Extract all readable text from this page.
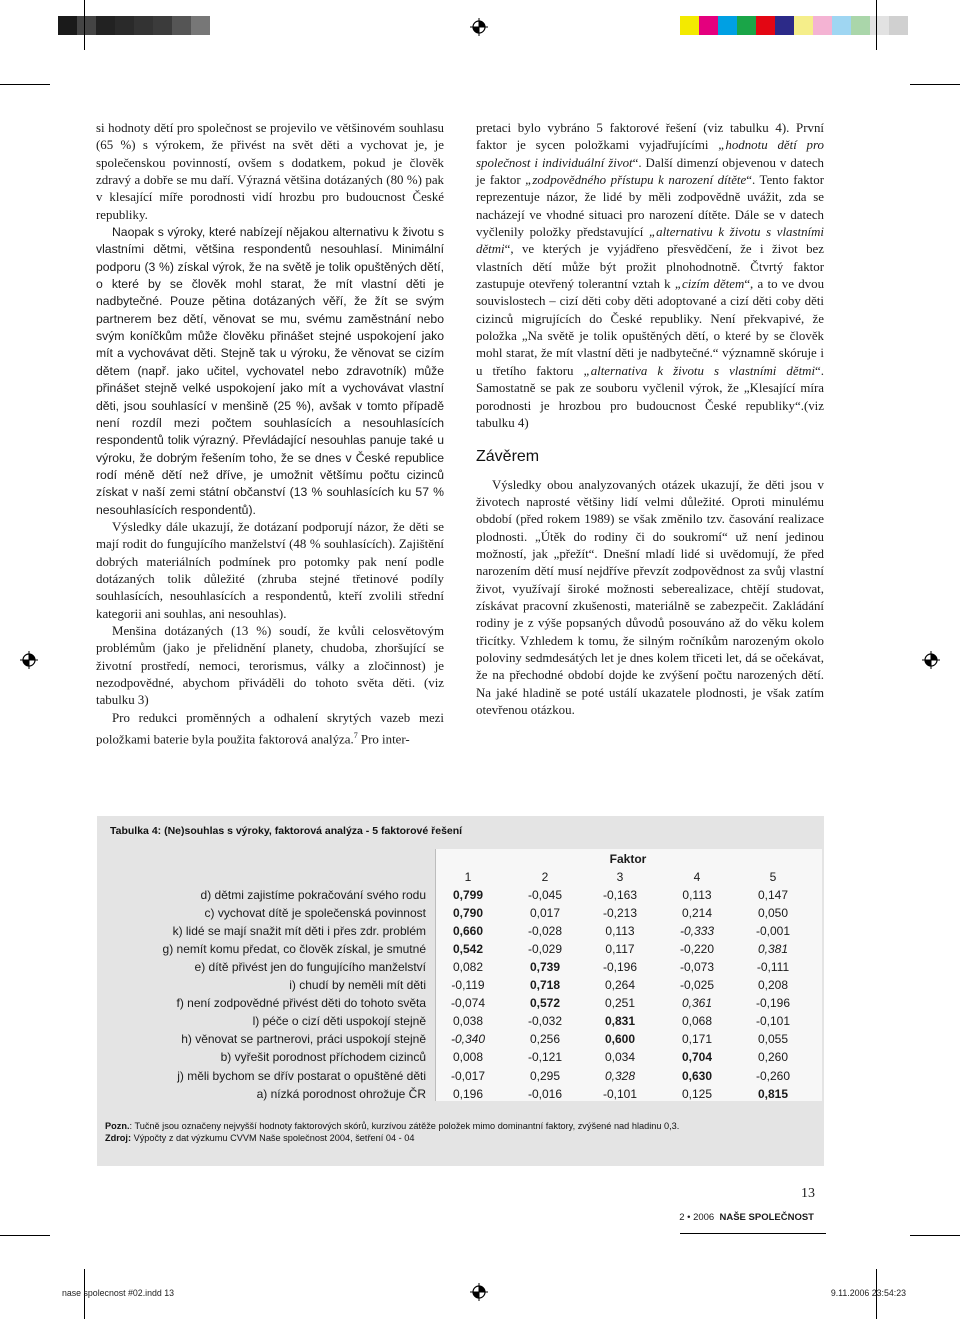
si hodnoty dětí pro společnost se projevilo ve většinovém souhlasu (65 %) s výrokem, že přivést na svět děti a vychovat je, je společenskou povinností, ovšem s dodatkem, pokud je člověk zdravý a dobře se mu daří. Výrazná většina dotázaných (80 %) pak v klesající míře porodnosti vidí hrozbu pro budoucnost České republiky.

Naopak s výroky, které nabízejí nějakou alternativu k životu s vlastními dětmi, většina respondentů nesouhlasí. Minimální podporu (3 %) získal výrok, že na světě je tolik opuštěných dětí, o které by se člověk mohl starat, že mít vlastní děti je nadbytečné. Pouze pětina dotázaných věří, že žít se svým partnerem bez dětí, věnovat se mu, svému zaměstnání nebo svým koníčkům může člověku přinášet stejné uspokojení jako mít a vychovávat děti. Stejně tak u výroku, že věnovat se cizím dětem (např. jako učitel, vychovatel nebo zdravotník) může přinášet stejně velké uspokojení jako mít a vychovávat vlastní děti, jsou souhlasící v menšině (25 %), avšak v tomto případě není rozdíl mezi počtem souhlasících a nesouhlasících respondentů tolik výrazný. Převládající nesouhlas panuje také u výroku, že dobrým řešením toho, že se dnes v České republice rodí méně dětí než dříve, je umožnit většímu počtu cizinců získat v naší zemi státní občanství (13 % souhlasících ku 57 % nesouhlasících respondentů).

Výsledky dále ukazují, že dotázaní podporují názor, že děti se mají rodit do fungujícího manželství (48 % souhlasících). Zajištění dobrých materiálních podmínek pro potomky pak není podle dotázaných tolik důležité (zhruba stejné třetinové podíly souhlasících, nesouhlasících a respondentů, kteří zvolili střední kategorii ani souhlas, ani nesouhlas).

Menšina dotázaných (13 %) soudí, že kvůli celosvětovým problémům (jako je přelidnění planety, chudoba, zhoršující se životní prostředí, nemoci, terorismus, války a zločinnost) je nezodpovědné, abychom přiváděli do tohoto světa děti. (viz tabulku 3)

Pro redukci proměnných a odhalení skrytých vazeb mezi položkami baterie byla použita faktorová analýza.$^7$ Pro inter-

pretaci bylo vybráno 5 faktorové řešení (viz tabulku 4). První faktor je sycen položkami vyjadřujícími „hodnotu dětí pro společnost i individuální život“. Další dimenzí objevenou v datech je faktor „zodpovědného přístupu k narození dítěte“. Tento faktor reprezentuje názor, že lidé by měli zodpovědně uvážit, zda se nacházejí ve vhodné situaci pro narození dítěte. Dále se v datech vyčlenily položky představující „alternativu k životu s vlastními dětmi“, ve kterých je vyjádřeno přesvědčení, že i život bez vlastních dětí může být prožit plnohodnotně. Čtvrtý faktor zastupuje otevřený tolerantní vztah k „cizím dětem“, a to ve dvou souvislostech – cizí děti coby děti adoptované a cizí děti coby děti cizinců migrujících do České republiky. Není překvapivé, že položka „Na světě je tolik opuštěných dětí, o které by se člověk mohl starat, že mít vlastní děti je nadbytečné.“ významně skóruje i u třetího faktoru „alternativa k životu s vlastními dětmi“. Samostatně se pak ze souboru vyčlenil výrok, že „Klesající míra porodnosti je hrozbou pro budoucnost České republiky“.(viz tabulku 4)

Závěrem

Výsledky obou analyzovaných otázek ukazují, že děti jsou v životech naprosté většiny lidí velmi důležité. Oproti minulému období (před rokem 1989) se však změnilo tzv. časování realizace plodnosti. „Útěk do rodiny či do soukromí“ už není jedinou možností, jak „přežít“. Dnešní mladí lidé si uvědomují, že před narozením dětí musí nejdříve převzít zodpovědnost za svůj vlastní život, využívají široké možnosti seberealizace, chtějí studovat, získávat pracovní zkušenosti, materiálně se zabezpečit. Zakládání rodiny je z výše popsaných důvodů posouváno až do věku kolem třicítky. Vzhledem k tomu, že silným ročníkům narozeným okolo poloviny sedmdesátých let je dnes kolem třiceti let, dá se očekávat, že na přechodné období dojde ke zvýšení počtu narozených dětí. Na jaké hladině se poté ustálí ukazatele plodnosti, je však zatím otevřenou otázkou.

Tabulka 4: (Ne)souhlas s výroky, faktorová analýza - 5 faktorové řešení
Faktor
1	2	3	4	5
d) dětmi zajistíme pokračování svého rodu	0,799	-0,045	-0,163	0,113	0,147
c) vychovat dítě je společenská povinnost	0,790	0,017	-0,213	0,214	0,050
k) lidé se mají snažit mít děti i přes zdr. problém	0,660	-0,028	0,113	-0,333	-0,001
g) nemít komu předat, co člověk získal, je smutné	0,542	-0,029	0,117	-0,220	0,381
e) dítě přivést jen do fungujícího manželství	0,082	0,739	-0,196	-0,073	-0,111
i) chudí by neměli mít děti	-0,119	0,718	0,264	-0,025	0,208
f) není zodpovědné přivést děti do tohoto světa	-0,074	0,572	0,251	0,361	-0,196
l) péče o cizí děti uspokojí stejně	0,038	-0,032	0,831	0,068	-0,101
h) věnovat se partnerovi, práci uspokojí stejně	-0,340	0,256	0,600	0,171	0,055
b) vyřešit porodnost příchodem cizinců	0,008	-0,121	0,034	0,704	0,260
j) měli bychom se dřív postarat o opuštěné děti	-0,017	0,295	0,328	0,630	-0,260
a) nízká porodnost ohrožuje ČR	0,196	-0,016	-0,101	0,125	0,815
Pozn.: Tučně jsou označeny nejvyšší hodnoty faktorových skórů, kurzívou zátěže položek mimo dominantní faktory, zvýšené nad hladinu 0,3.
Zdroj: Výpočty z dat výzkumu CVVM Naše společnost 2004, šetření 04 - 04
13
2 • 2006 NAŠE SPOLEČNOST
nase spolecnost #02.indd 13	9.11.2006 23:54:23
